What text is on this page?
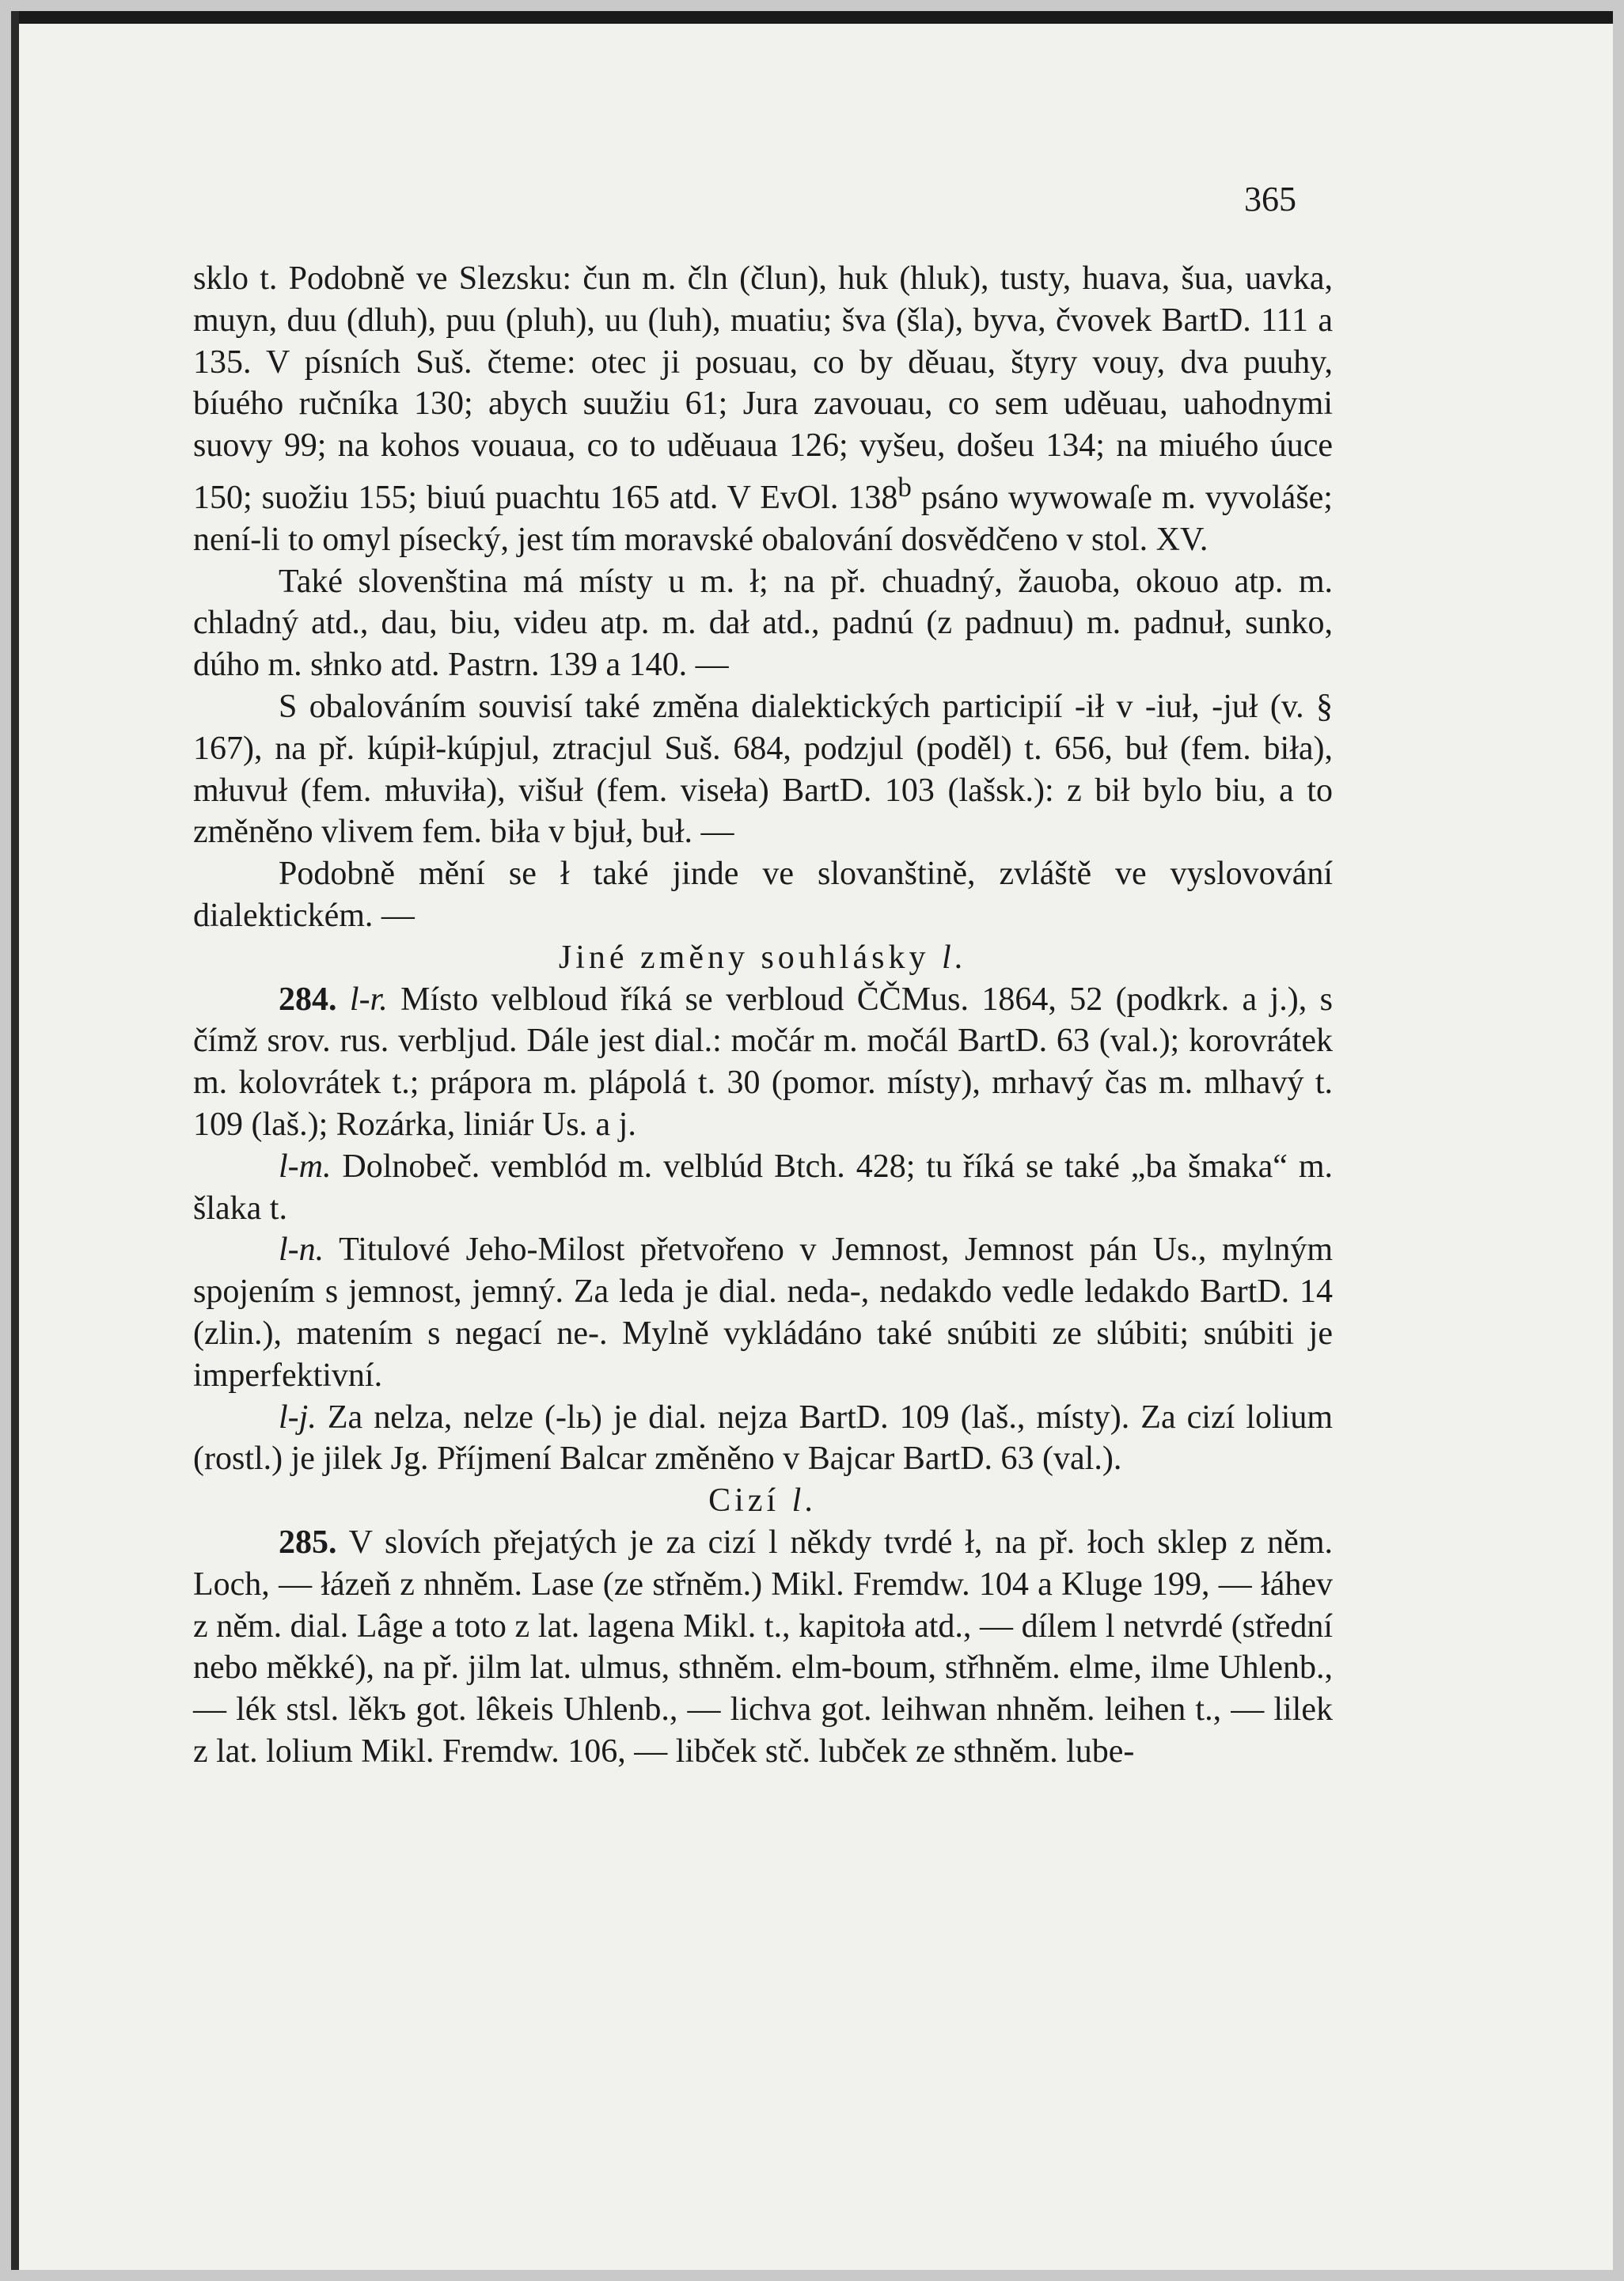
365

sklo t. Podobně ve Slezsku: čun m. čln (člun), huk (hluk), tusty, huava, šua, uavka, muyn, duu (dluh), puu (pluh), uu (luh), muatiu; šva (šla), byva, čvovek BartD. 111 a 135. V písních Suš. čteme: otec ji posuau, co by děuau, štyry vouy, dva puuhy, bíuého ručníka 130; abych suužiu 61; Jura zavouau, co sem uděuau, uahodnymi suovy 99; na kohos vouaua, co to uděuaua 126; vyšeu, došeu 134; na miuého úuce 150; suožiu 155; biuú puachtu 165 atd. V EvOl. 138$^b$ psáno wywowaſe m. vyvoláše; není-li to omyl písecký, jest tím moravské obalování dosvědčeno v stol. XV.

Také slovenština má místy u m. ł; na př. chuadný, žauoba, okouo atp. m. chladný atd., dau, biu, videu atp. m. dał atd., padnú (z padnuu) m. padnuł, sunko, dúho m. słnko atd. Pastrn. 139 a 140. —

S obalováním souvisí také změna dialektických participií -ił v -iuł, -juł (v. § 167), na př. kúpił-kúpjul, ztracjul Suš. 684, podzjul (poděl) t. 656, buł (fem. biła), młuvuł (fem. młuviła), višuł (fem. viseła) BartD. 103 (lašsk.): z bił bylo biu, a to změněno vlivem fem. biła v bjuł, buł. —

Podobně mění se ł také jinde ve slovanštině, zvláště ve vyslovování dialektickém. —

Jiné změny souhlásky l.

284. l-r. Místo velbloud říká se verbloud ČČMus. 1864, 52 (podkrk. a j.), s čímž srov. rus. verbljud. Dále jest dial.: močár m. močál BartD. 63 (val.); korovrátek m. kolovrátek t.; prápora m. plápolá t. 30 (pomor. místy), mrhavý čas m. mlhavý t. 109 (laš.); Rozárka, liniár Us. a j.

l-m. Dolnobeč. vemblód m. velblúd Btch. 428; tu říká se také „ba šmaka“ m. šlaka t.

l-n. Titulové Jeho-Milost přetvořeno v Jemnost, Jemnost pán Us., mylným spojením s jemnost, jemný. Za leda je dial. neda-, nedakdo vedle ledakdo BartD. 14 (zlin.), matením s negací ne-. Mylně vykládáno také snúbiti ze slúbiti; snúbiti je imperfektivní.

l-j. Za nelza, nelze (-lь) je dial. nejza BartD. 109 (laš., místy). Za cizí lolium (rostl.) je jilek Jg. Příjmení Balcar změněno v Bajcar BartD. 63 (val.).

Cizí l.

285. V slovích přejatých je za cizí l někdy tvrdé ł, na př. łoch sklep z něm. Loch, — łázeň z nhněm. Lase (ze střněm.) Mikl. Fremdw. 104 a Kluge 199, — łáhev z něm. dial. Lâge a toto z lat. lagena Mikl. t., kapitoła atd., — dílem l netvrdé (střední nebo měkké), na př. jilm lat. ulmus, sthněm. elm-boum, střhněm. elme, ilme Uhlenb., — lék stsl. lěkъ got. lêkeis Uhlenb., — lichva got. leihwan nhněm. leihen t., — lilek z lat. lolium Mikl. Fremdw. 106, — libček stč. lubček ze sthněm. lube-
